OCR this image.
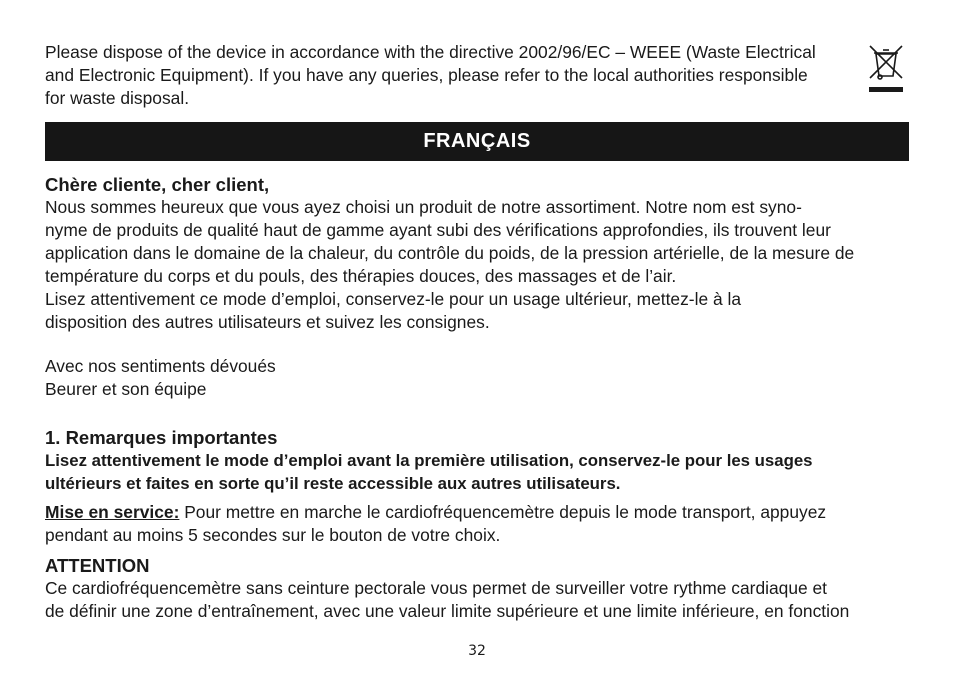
Please dispose of the device in accordance with the directive 2002/96/EC – WEEE (Waste Electrical

and Electronic Equipment). If you have any queries, please refer to the local authorities responsible

for waste disposal.

FRANÇAIS

Chère cliente, cher client,

Nous sommes heureux que vous ayez choisi un produit de notre assortiment. Notre nom est syno-

nyme de produits de qualité haut de gamme ayant subi des vérifications approfondies, ils trouvent leur

application dans le domaine de la chaleur, du contrôle du poids, de la pression artérielle, de la mesure de

température du corps et du pouls, des thérapies douces, des massages et de l’air.

Lisez attentivement ce mode d’emploi, conservez-le pour un usage ultérieur, mettez-le à la

disposition des autres utilisateurs et suivez les consignes.

Avec nos sentiments dévoués

Beurer et son équipe

1. Remarques importantes

Lisez attentivement le mode d’emploi avant la première utilisation, conservez-le pour les usages

ultérieurs et faites en sorte qu’il reste accessible aux autres utilisateurs.

Mise en service: Pour mettre en marche le cardiofréquencemètre depuis le mode transport, appuyez

pendant au moins 5 secondes sur le bouton de votre choix.

ATTENTION

Ce cardiofréquencemètre sans ceinture pectorale vous permet de surveiller votre rythme cardiaque et

de définir une zone d’entraînement, avec une valeur limite supérieure et une limite inférieure, en fonction

32
